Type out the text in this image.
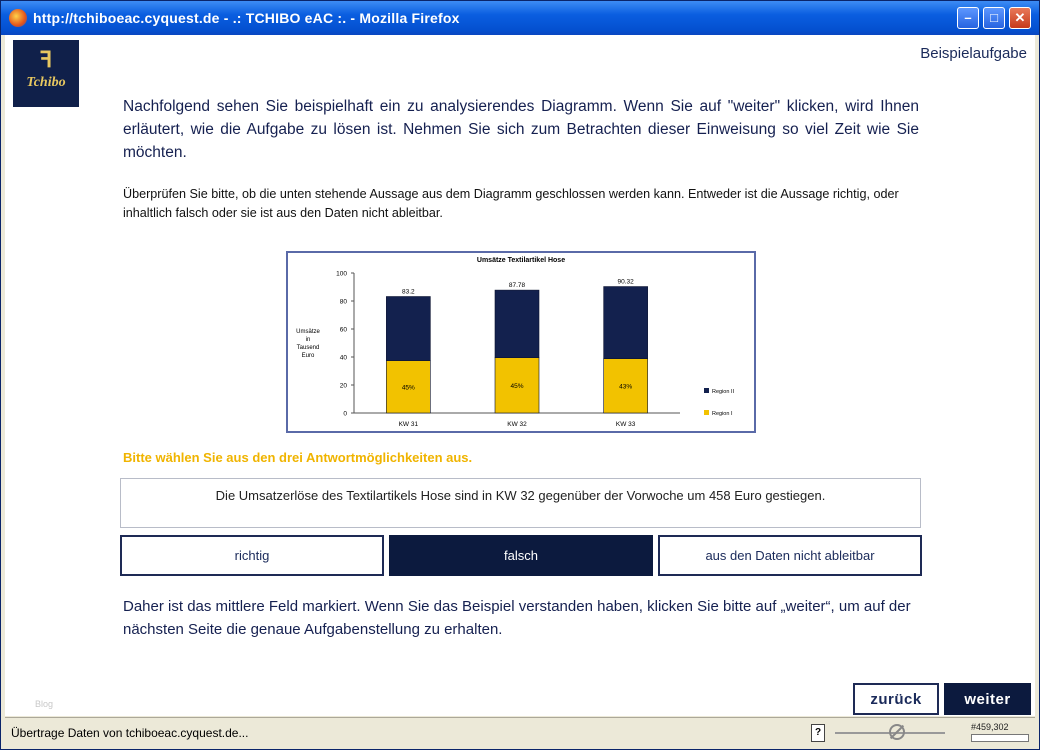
http://tchiboeac.cyquest.de - .: TCHIBO eAC :. - Mozilla Firefox	–	□	✕
ꟻ
Tchibo
Beispielaufgabe
Nachfolgend sehen Sie beispielhaft ein zu analysierendes Diagramm. Wenn Sie auf "weiter" klicken, wird Ihnen erläutert, wie die Aufgabe zu lösen ist. Nehmen Sie sich zum Betrachten dieser Einweisung so viel Zeit wie Sie möchten.
Überprüfen Sie bitte, ob die unten stehende Aussage aus dem Diagramm geschlossen werden kann. Entweder ist die Aussage richtig, oder inhaltlich falsch oder sie ist aus den Daten nicht ableitbar.
Umsätze Textilartikel Hose
0
20
40
60
80
100
Umsätze in Tausend Euro
45%
83.2
KW 31
45%
87.78
KW 32
43%
90.32
KW 33
Region II
Region I
Bitte wählen Sie aus den drei Antwortmöglichkeiten aus.
Die Umsatzerlöse des Textilartikels Hose sind in KW 32 gegenüber der Vorwoche um 458 Euro gestiegen.
richtig	falsch	aus den Daten nicht ableitbar
Daher ist das mittlere Feld markiert. Wenn Sie das Beispiel verstanden haben, klicken Sie bitte auf „weiter“, um auf der nächsten Seite die genaue Aufgabenstellung zu erhalten.
Blog	zurück	weiter
Übertrage Daten von tchiboeac.cyquest.de...	?	#459,302
